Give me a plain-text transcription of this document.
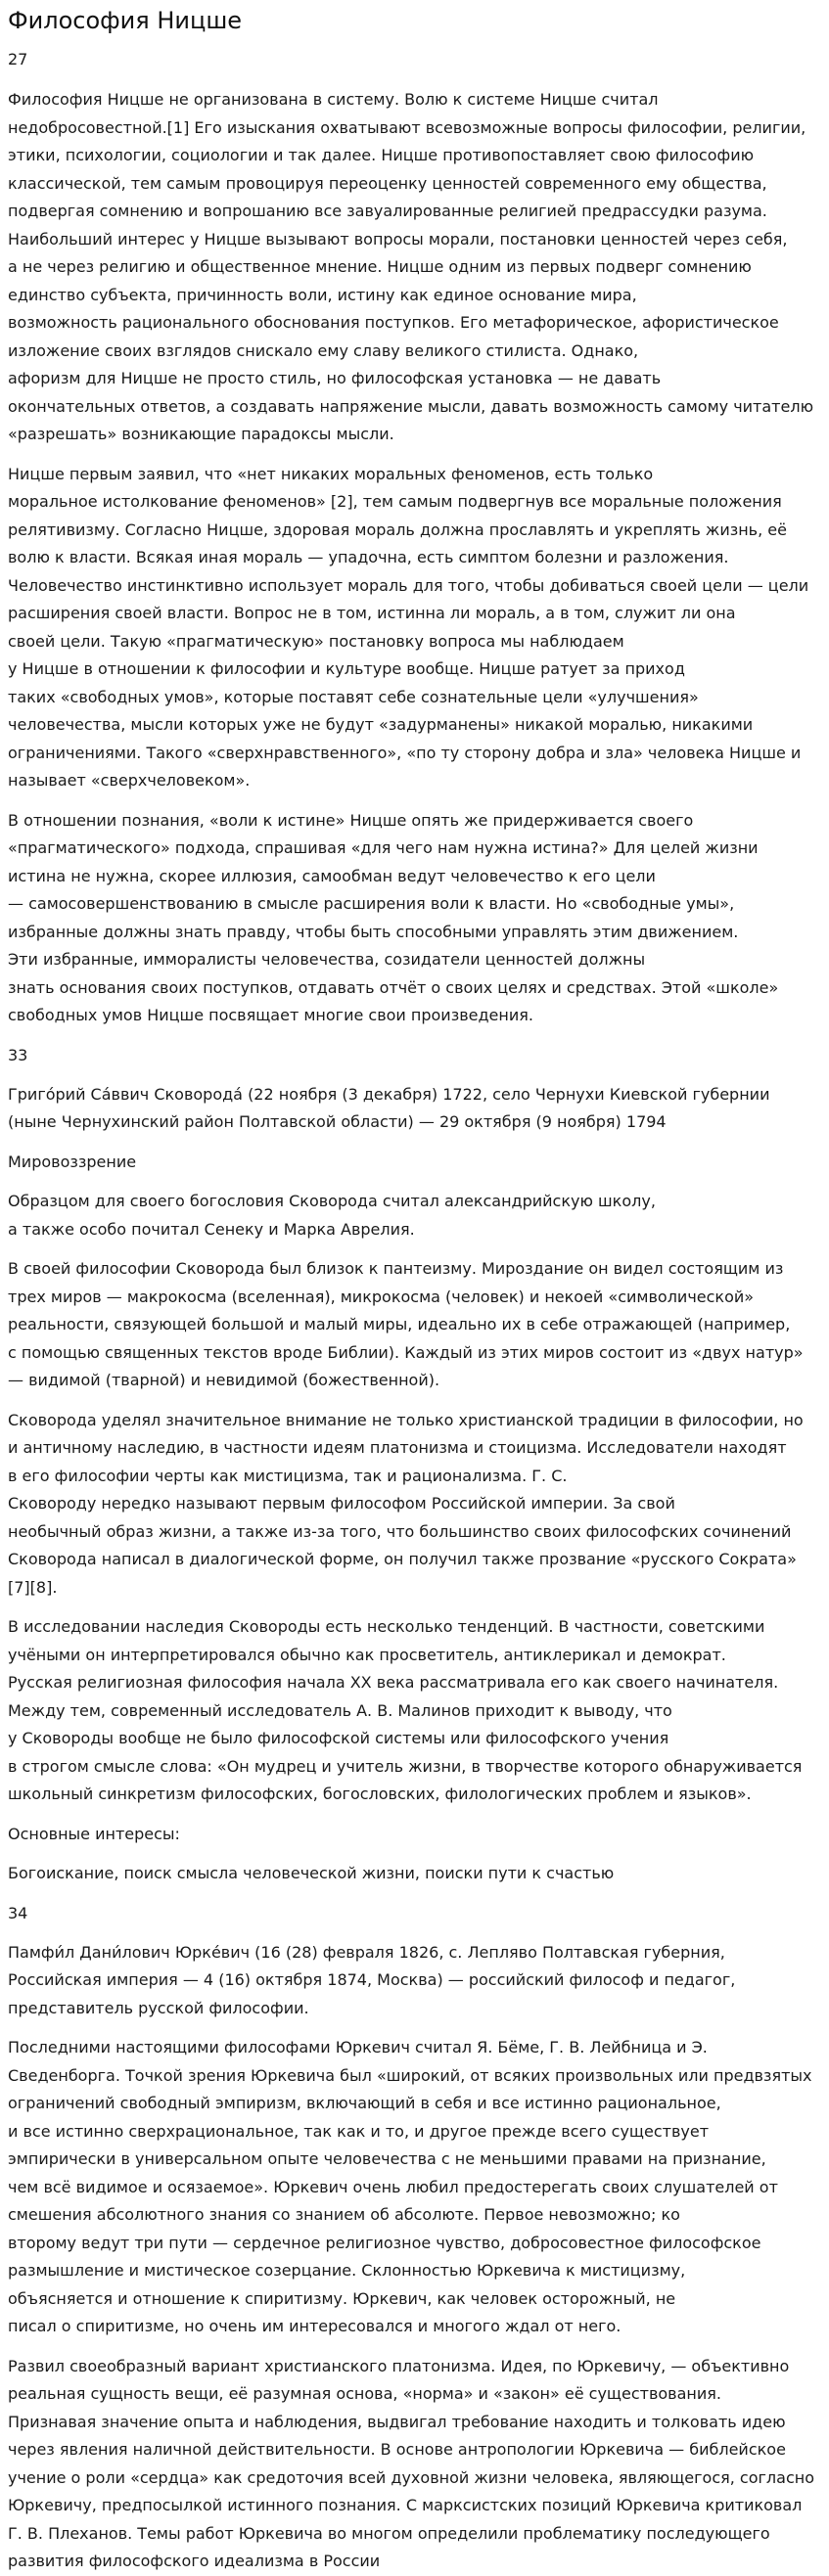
Философия Ницше
27

Философия Ницше не организована в систему. Волю к системе Ницше считал
недобросовестной.[1] Его изыскания охватывают всевозможные вопросы философии, религии,
этики, психологии, социологии и так далее. Ницше противопоставляет свою философию
классической, тем самым провоцируя переоценку ценностей современного ему общества,
подвергая сомнению и вопрошанию все завуалированные религией предрассудки разума.
Наибольший интерес у Ницше вызывают вопросы морали, постановки ценностей через себя,
а не через религию и общественное мнение. Ницше одним из первых подверг сомнению
единство субъекта, причинность воли, истину как единое основание мира,
возможность рационального обоснования поступков. Его метафорическое, афористическое
изложение своих взглядов снискало ему славу великого стилиста. Однако,
афоризм для Ницше не просто стиль, но философская установка — не давать
окончательных ответов, а создавать напряжение мысли, давать возможность самому читателю
«разрешать» возникающие парадоксы мысли.

Ницше первым заявил, что «нет никаких моральных феноменов, есть только
моральное истолкование феноменов» [2], тем самым подвергнув все моральные положения
релятивизму. Согласно Ницше, здоровая мораль должна прославлять и укреплять жизнь, её
волю к власти. Всякая иная мораль — упадочна, есть симптом болезни и разложения.
Человечество инстинктивно использует мораль для того, чтобы добиваться своей цели — цели
расширения своей власти. Вопрос не в том, истинна ли мораль, а в том, служит ли она
своей цели. Такую «прагматическую» постановку вопроса мы наблюдаем
у Ницше в отношении к философии и культуре вообще. Ницше ратует за приход
таких «свободных умов», которые поставят себе сознательные цели «улучшения»
человечества, мысли которых уже не будут «задурманены» никакой моралью, никакими
ограничениями. Такого «сверхнравственного», «по ту сторону добра и зла» человека Ницше и
называет «сверхчеловеком».

В отношении познания, «воли к истине» Ницше опять же придерживается своего
«прагматического» подхода, спрашивая «для чего нам нужна истина?» Для целей жизни
истина не нужна, скорее иллюзия, самообман ведут человечество к его цели
— самосовершенствованию в смысле расширения воли к власти. Но «свободные умы»,
избранные должны знать правду, чтобы быть способными управлять этим движением.
Эти избранные, имморалисты человечества, созидатели ценностей должны
знать основания своих поступков, отдавать отчёт о своих целях и средствах. Этой «школе»
свободных умов Ницше посвящает многие свои произведения.

33

Григо́рий Са́ввич Сковорода́ (22 ноября (3 декабря) 1722, село Чернухи Киевской губернии
(ныне Чернухинский район Полтавской области) — 29 октября (9 ноября) 1794

Мировоззрение

Образцом для своего богословия Сковорода считал александрийскую школу,
а также особо почитал Сенеку и Марка Аврелия.

В своей философии Сковорода был близок к пантеизму. Мироздание он видел состоящим из
трех миров — макрокосма (вселенная), микрокосма (человек) и некоей «символической»
реальности, связующей большой и малый миры, идеально их в себе отражающей (например,
с помощью священных текстов вроде Библии). Каждый из этих миров состоит из «двух натур»
— видимой (тварной) и невидимой (божественной).

Сковорода уделял значительное внимание не только христианской традиции в философии, но
и античному наследию, в частности идеям платонизма и стоицизма. Исследователи находят
в его философии черты как мистицизма, так и рационализма. Г. С.
Сковороду нередко называют первым философом Российской империи. За свой
необычный образ жизни, а также из-за того, что большинство своих философских сочинений
Сковорода написал в диалогической форме, он получил также прозвание «русского Сократа»
[7][8].

В исследовании наследия Сковороды есть несколько тенденций. В частности, советскими
учёными он интерпретировался обычно как просветитель, антиклерикал и демократ.
Русская религиозная философия начала XX века рассматривала его как своего начинателя.
Между тем, современный исследователь А. В. Малинов приходит к выводу, что
у Сковороды вообще не было философской системы или философского учения
в строгом смысле слова: «Он мудрец и учитель жизни, в творчестве которого обнаруживается
школьный синкретизм философских, богословских, филологических проблем и языков».

Основные интересы:

Богоискание, поиск смысла человеческой жизни, поиски пути к счастью

34

Памфи́л Дани́лович Юрке́вич (16 (28) февраля 1826, с. Лепляво Полтавская губерния,
Российская империя — 4 (16) октября 1874, Москва) — российский философ и педагог,
представитель русской философии.

Последними настоящими философами Юркевич считал Я. Бёме, Г. В. Лейбница и Э.
Сведенборга. Точкой зрения Юркевича был «широкий, от всяких произвольных или предвзятых
ограничений свободный эмпиризм, включающий в себя и все истинно рациональное,
и все истинно сверхрациональное, так как и то, и другое прежде всего существует
эмпирически в универсальном опыте человечества с не меньшими правами на признание,
чем всё видимое и осязаемое». Юркевич очень любил предостерегать своих слушателей от
смешения абсолютного знания со знанием об абсолюте. Первое невозможно; ко
второму ведут три пути — сердечное религиозное чувство, добросовестное философское
размышление и мистическое созерцание. Склонностью Юркевича к мистицизму,
объясняется и отношение к спиритизму. Юркевич, как человек осторожный, не
писал о спиритизме, но очень им интересовался и многого ждал от него.

Развил своеобразный вариант христианского платонизма. Идея, по Юркевичу, — объективно
реальная сущность вещи, её разумная основа, «норма» и «закон» её существования.
Признавая значение опыта и наблюдения, выдвигал требование находить и толковать идею
через явления наличной действительности. В основе антропологии Юркевича — библейское
учение о роли «сердца» как средоточия всей духовной жизни человека, являющегося, согласно
Юркевичу, предпосылкой истинного познания. С марксистских позиций Юркевича критиковал
Г. В. Плеханов. Темы работ Юркевича во многом определили проблематику последующего
развития философского идеализма в России
